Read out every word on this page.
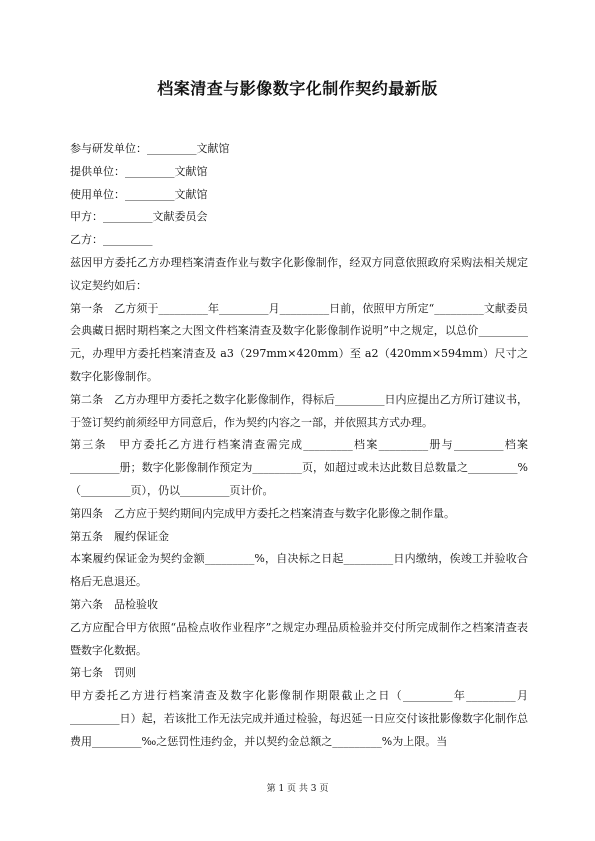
档案清查与影像数字化制作契约最新版

参与研发单位：_________文献馆

提供单位：_________文献馆

使用单位：_________文献馆

甲方：_________文献委员会

乙方：_________

兹因甲方委托乙方办理档案清查作业与数字化影像制作，经双方同意依照政府采购法相关规定议定契约如后：

第一条　乙方须于_________年_________月_________日前，依照甲方所定“_________文献委员会典藏日据时期档案之大图文件档案清查及数字化影像制作说明”中之规定，以总价_________元，办理甲方委托档案清查及 a3（297mm×420mm）至 a2（420mm×594mm）尺寸之数字化影像制作。

第二条　乙方办理甲方委托之数字化影像制作，得标后_________日内应提出乙方所订建议书，于签订契约前须经甲方同意后，作为契约内容之一部，并依照其方式办理。

第三条　甲方委托乙方进行档案清查需完成_________档案_________册与_________档案_________册；数字化影像制作预定为_________页，如超过或未达此数目总数量之_________%（_________页），仍以_________页计价。

第四条　乙方应于契约期间内完成甲方委托之档案清查与数字化影像之制作量。

第五条　履约保证金

本案履约保证金为契约金额_________%，自决标之日起_________日内缴纳，俟竣工并验收合格后无息退还。

第六条　品检验收

乙方应配合甲方依照“品检点收作业程序”之规定办理品质检验并交付所完成制作之档案清查表暨数字化数据。

第七条　罚则

甲方委托乙方进行档案清查及数字化影像制作期限截止之日（_________年_________月_________日）起，若该批工作无法完成并通过检验，每迟延一日应交付该批影像数字化制作总费用_________‰之惩罚性违约金，并以契约金总额之_________%为上限。当

第 1 页 共 3 页
